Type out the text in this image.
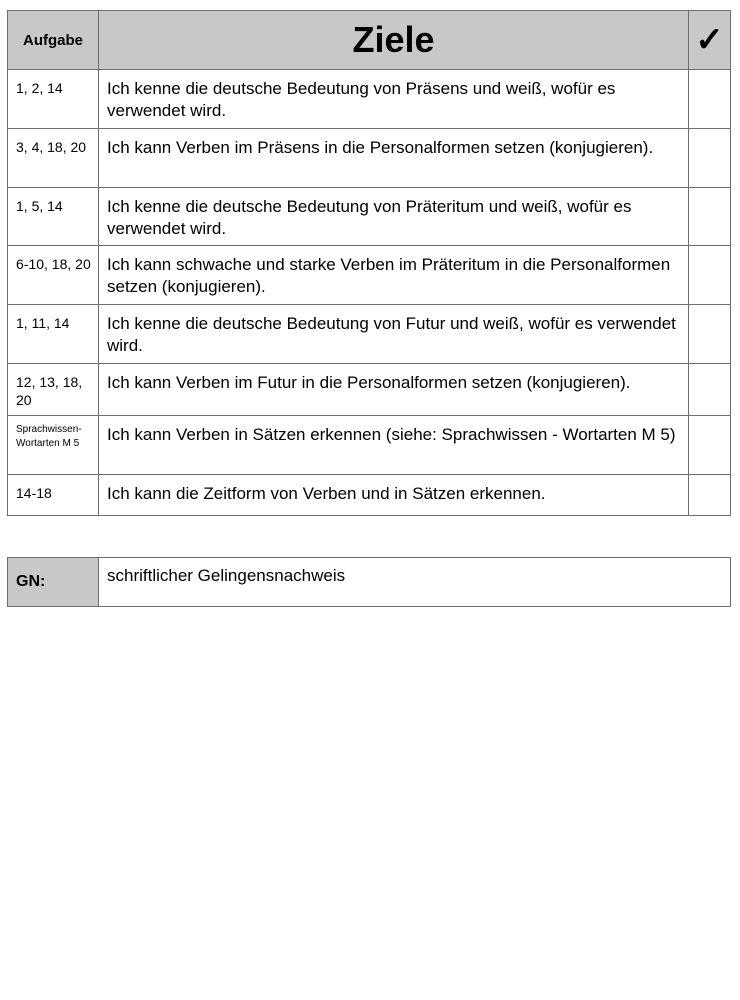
Aufgabe	Ziele	✓
1, 2, 14	Ich kenne die deutsche Bedeutung von Präsens und weiß, wofür es verwendet wird.	
3, 4, 18, 20	Ich kann Verben im Präsens in die Personalformen setzen (konjugieren).	
1, 5, 14	Ich kenne die deutsche Bedeutung von Präteritum und weiß, wofür es verwendet wird.	
6-10, 18, 20	Ich kann schwache und starke Verben im Präteritum in die Personalformen setzen (konjugieren).	
1, 11, 14	Ich kenne die deutsche Bedeutung von Futur und weiß, wofür es verwendet wird.	
12, 13, 18, 20	Ich kann Verben im Futur in die Personalformen setzen (konjugieren).	
Sprachwissen-Wortarten M 5	Ich kann Verben in Sätzen erkennen (siehe: Sprachwissen - Wortarten M 5)	
14-18	Ich kann die Zeitform von Verben und in Sätzen erkennen.	
GN:	schriftlicher Gelingensnachweis
